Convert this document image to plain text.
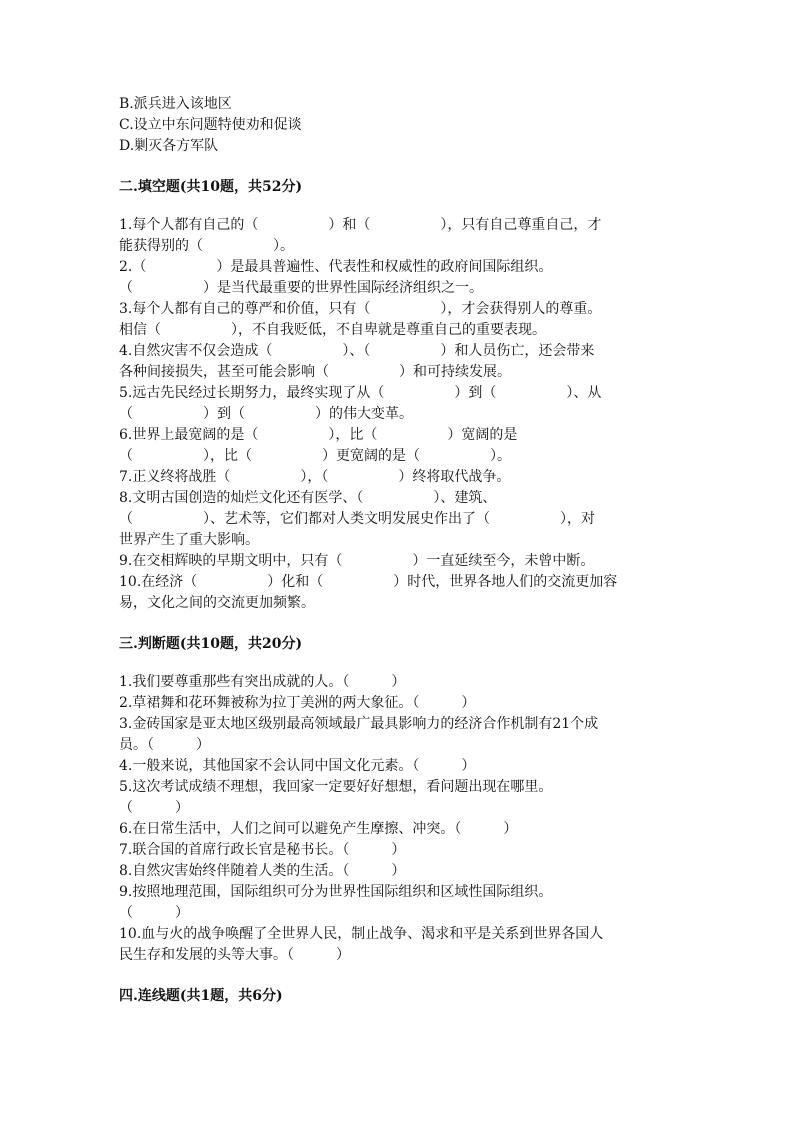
B.派兵进入该地区
C.设立中东问题特使劝和促谈
D.剿灭各方军队
二.填空题(共10题，共52分)
1.每个人都有自己的（　　　　　）和（　　　　　），只有自己尊重自己，才
能获得别的（　　　　　）。
2.（　　　　　）是最具普遍性、代表性和权威性的政府间国际组织。
（　　　　　）是当代最重要的世界性国际经济组织之一。
3.每个人都有自己的尊严和价值，只有（　　　　　），才会获得别人的尊重。
相信（　　　　　），不自我贬低，不自卑就是尊重自己的重要表现。
4.自然灾害不仅会造成（　　　　　）、（　　　　　）和人员伤亡，还会带来
各种间接损失，甚至可能会影响（　　　　　）和可持续发展。
5.远古先民经过长期努力，最终实现了从（　　　　　）到（　　　　　）、从
（　　　　　）到（　　　　　）的伟大变革。
6.世界上最宽阔的是（　　　　　），比（　　　　　）宽阔的是
（　　　　　），比（　　　　　）更宽阔的是（　　　　　）。
7.正义终将战胜（　　　　　），（　　　　　）终将取代战争。
8.文明古国创造的灿烂文化还有医学、（　　　　　）、建筑、
（　　　　　）、艺术等，它们都对人类文明发展史作出了（　　　　　），对
世界产生了重大影响。
9.在交相辉映的早期文明中，只有（　　　　　）一直延续至今，未曾中断。
10.在经济（　　　　　）化和（　　　　　）时代，世界各地人们的交流更加容
易，文化之间的交流更加频繁。
三.判断题(共10题，共20分)
1.我们要尊重那些有突出成就的人。（　　　）
2.草裙舞和花环舞被称为拉丁美洲的两大象征。（　　　）
3.金砖国家是亚太地区级别最高领域最广最具影响力的经济合作机制有21个成
员。（　　　）
4.一般来说，其他国家不会认同中国文化元素。（　　　）
5.这次考试成绩不理想，我回家一定要好好想想，看问题出现在哪里。
（　　　）
6.在日常生活中，人们之间可以避免产生摩擦、冲突。（　　　）
7.联合国的首席行政长官是秘书长。（　　　）
8.自然灾害始终伴随着人类的生活。（　　　）
9.按照地理范围，国际组织可分为世界性国际组织和区域性国际组织。
（　　　）
10.血与火的战争唤醒了全世界人民，制止战争、渴求和平是关系到世界各国人
民生存和发展的头等大事。（　　　）
四.连线题(共1题，共6分)
